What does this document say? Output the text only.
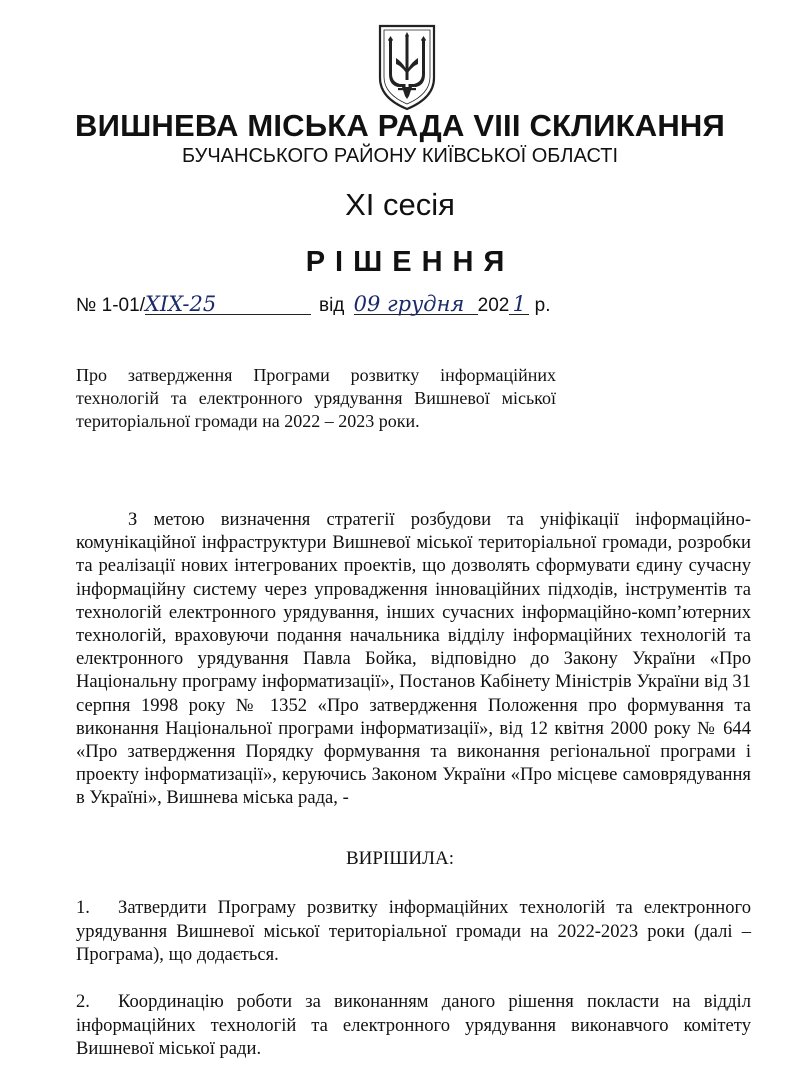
ВИШНЕВА МІСЬКА РАДА VIII СКЛИКАННЯ
БУЧАНСЬКОГО РАЙОНУ КИЇВСЬКОЇ ОБЛАСТІ
XI сесія
РІШЕННЯ
№ 1-01/XIX-25	від 09 грудня 202 1 р.
Про затвердження Програми розвитку інформаційних технологій та електронного урядування Вишневої міської територіальної громади на 2022 – 2023 роки.
З метою визначення стратегії розбудови та уніфікації інформаційно-комунікаційної інфраструктури Вишневої міської територіальної громади, розробки та реалізації нових інтегрованих проектів, що дозволять сформувати єдину сучасну інформаційну систему через упровадження інноваційних підходів, інструментів та технологій електронного урядування, інших сучасних інформаційно-комп’ютерних технологій, враховуючи подання начальника відділу інформаційних технологій та електронного урядування Павла Бойка, відповідно до Закону України «Про Національну програму інформатизації», Постанов Кабінету Міністрів України від 31 серпня 1998 року № 1352 «Про затвердження Положення про формування та виконання Національної програми інформатизації», від 12 квітня 2000 року № 644 «Про затвердження Порядку формування та виконання регіональної програми і проекту інформатизації», керуючись Законом України «Про місцеве самоврядування в Україні», Вишнева міська рада, -
ВИРІШИЛА:
1. Затвердити Програму розвитку інформаційних технологій та електронного урядування Вишневої міської територіальної громади на 2022-2023 роки (далі – Програма), що додається.
2. Координацію роботи за виконанням даного рішення покласти на відділ інформаційних технологій та електронного урядування виконавчого комітету Вишневої міської ради.
